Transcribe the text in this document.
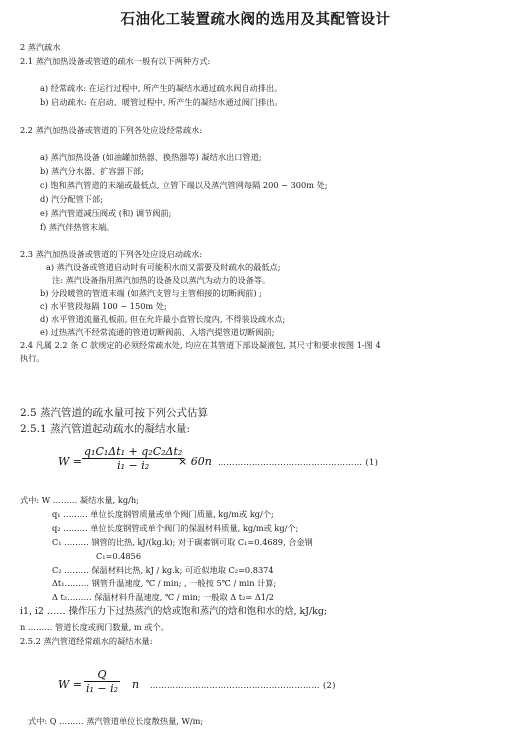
石油化工装置疏水阀的选用及其配管设计
2 蒸汽疏水
2.1 蒸汽加热设备或管道的疏水一般有以下两种方式:
a) 经常疏水: 在运行过程中, 所产生的凝结水通过疏水阀自动排出。
b) 启动疏水: 在启动、暖管过程中, 所产生的凝结水通过阀门排出。
2.2 蒸汽加热设备或管道的下列各处应设经常疏水:
a) 蒸汽加热设备 (如油罐加热器、换热器等) 凝结水出口管道;
b) 蒸汽分水器、扩容器下部;
c) 饱和蒸汽管道的末端或最低点, 立管下端以及蒸汽管网每隔 200 ~ 300m 处;
d) 汽分配管下部;
e) 蒸汽管道减压阀或 (和) 调节阀前;
f) 蒸汽伴热管末端。
2.3 蒸汽加热设备或管道的下列各处应设启动疏水:
a) 蒸汽设备或管道启动时有可能积水而又需要及时疏水的最低点;
注: 蒸汽设备指用蒸汽加热的设备及以蒸汽为动力的设备等。
b) 分段暖管的管道末端 (如蒸汽支管与主管相接的切断阀前) ;
c) 水平管段每隔 100 ~ 150m 处;
d) 水平管道流量孔板前, 但在允许最小直管长度内, 不得装设疏水点;
e) 过热蒸汽不经常流通的管道切断阀前、入塔汽提管道切断阀前;
2.4 凡属 2.2 条 C 款规定的必须经常疏水处, 均应在其管道下部设凝液包, 其尺寸和要求按图 1-图 4
执行。
2.5 蒸汽管道的疏水量可按下列公式估算
2.5.1 蒸汽管道起动疏水的凝结水量:
$W = \frac{\text{q₁C₁Δt₁ + q₂C₂Δt₂}}{\text{i₁ − i₂}}$
× 60n …………………………………………… (1)
式中: W ……… 凝结水量, kg/h;
q₁ ……… 单位长度钢管质量或单个阀门质量, kg/m或 kg/个;
q₂ ……… 单位长度钢管或单个阀门的保温材料质量, kg/m或 kg/个;
C₁ ……… 钢管的比热, kJ/(kg.k); 对于碳素钢可取 C₁=0.4689, 合金钢
C₁=0.4856
C₂ ……… 保温材料比热, kJ / kg.k; 可近似地取 C₂=0.8374
Δt₁……… 钢管升温速度, ℃ / min; , 一般按 5℃ / min 计算;
Δ t₂……… 保温材料升温速度, ℃ / min; 一般取 Δ t₂= Δ1/2
i1, i2 …… 操作压力下过热蒸汽的焓或饱和蒸汽的焓和饱和水的焓, kJ/kg;
n ……… 管道长度或阀门数量, m 或个。
2.5.2 蒸汽管道经常疏水的凝结水量:
$W = \frac{Q}{\text{i₁ − i₂}}$ n …………………………………………………… (2)
式中: Q ……… 蒸汽管道单位长度散热量, W/m;
